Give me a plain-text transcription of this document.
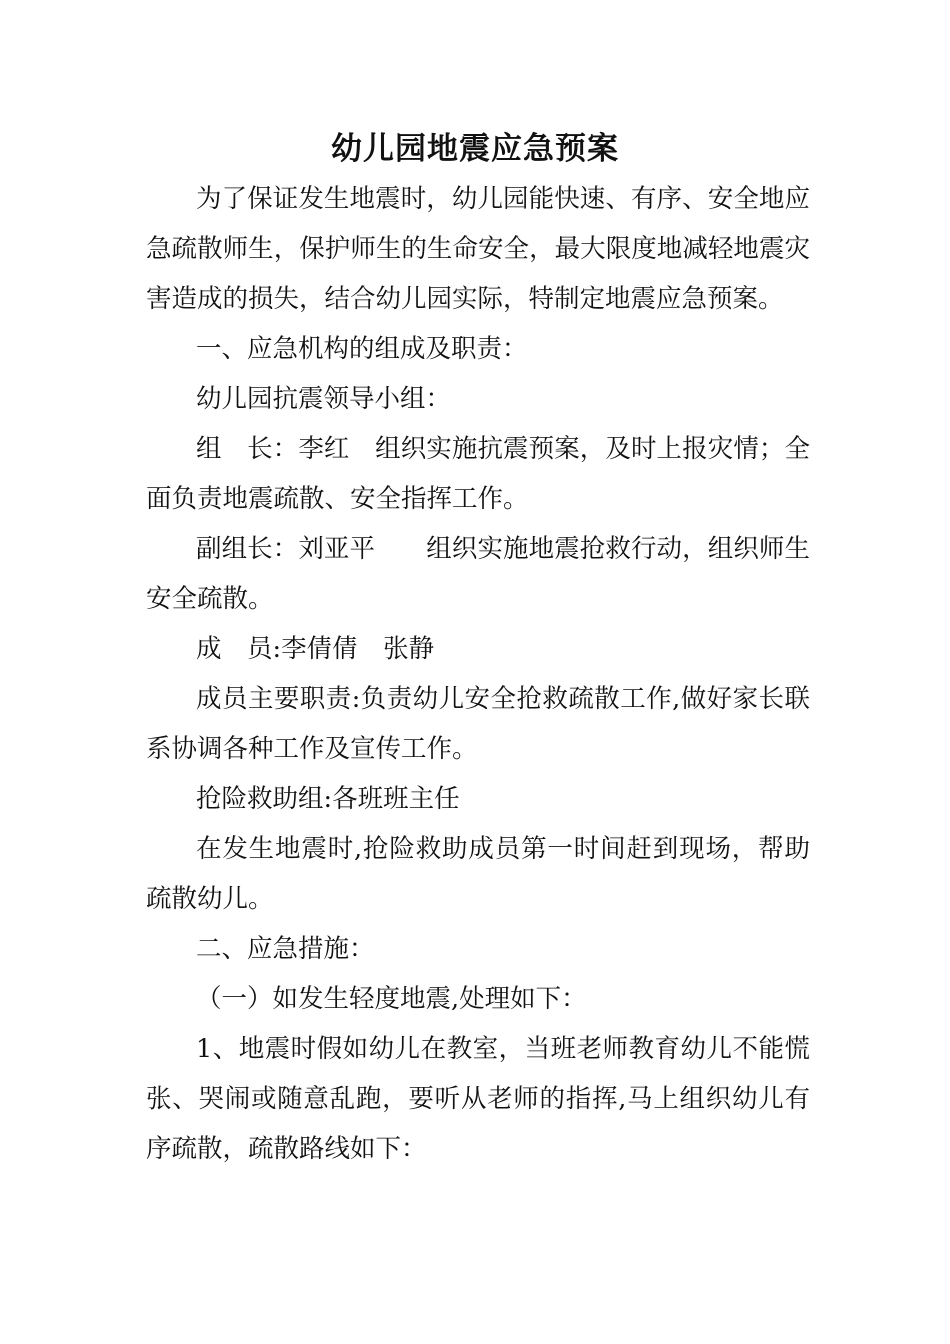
幼儿园地震应急预案

为了保证发生地震时，幼儿园能快速、有序、安全地应急疏散师生，保护师生的生命安全，最大限度地减轻地震灾害造成的损失，结合幼儿园实际，特制定地震应急预案。

一、应急机构的组成及职责：

幼儿园抗震领导小组：

组　长：李红　组织实施抗震预案，及时上报灾情；全面负责地震疏散、安全指挥工作。

副组长：刘亚平　　组织实施地震抢救行动，组织师生安全疏散。

成　员:李倩倩　张静

成员主要职责:负责幼儿安全抢救疏散工作,做好家长联系协调各种工作及宣传工作。

抢险救助组:各班班主任

在发生地震时,抢险救助成员第一时间赶到现场，帮助疏散幼儿。

二、应急措施：

（一）如发生轻度地震,处理如下：

1、地震时假如幼儿在教室，当班老师教育幼儿不能慌张、哭闹或随意乱跑，要听从老师的指挥,马上组织幼儿有序疏散，疏散路线如下：
